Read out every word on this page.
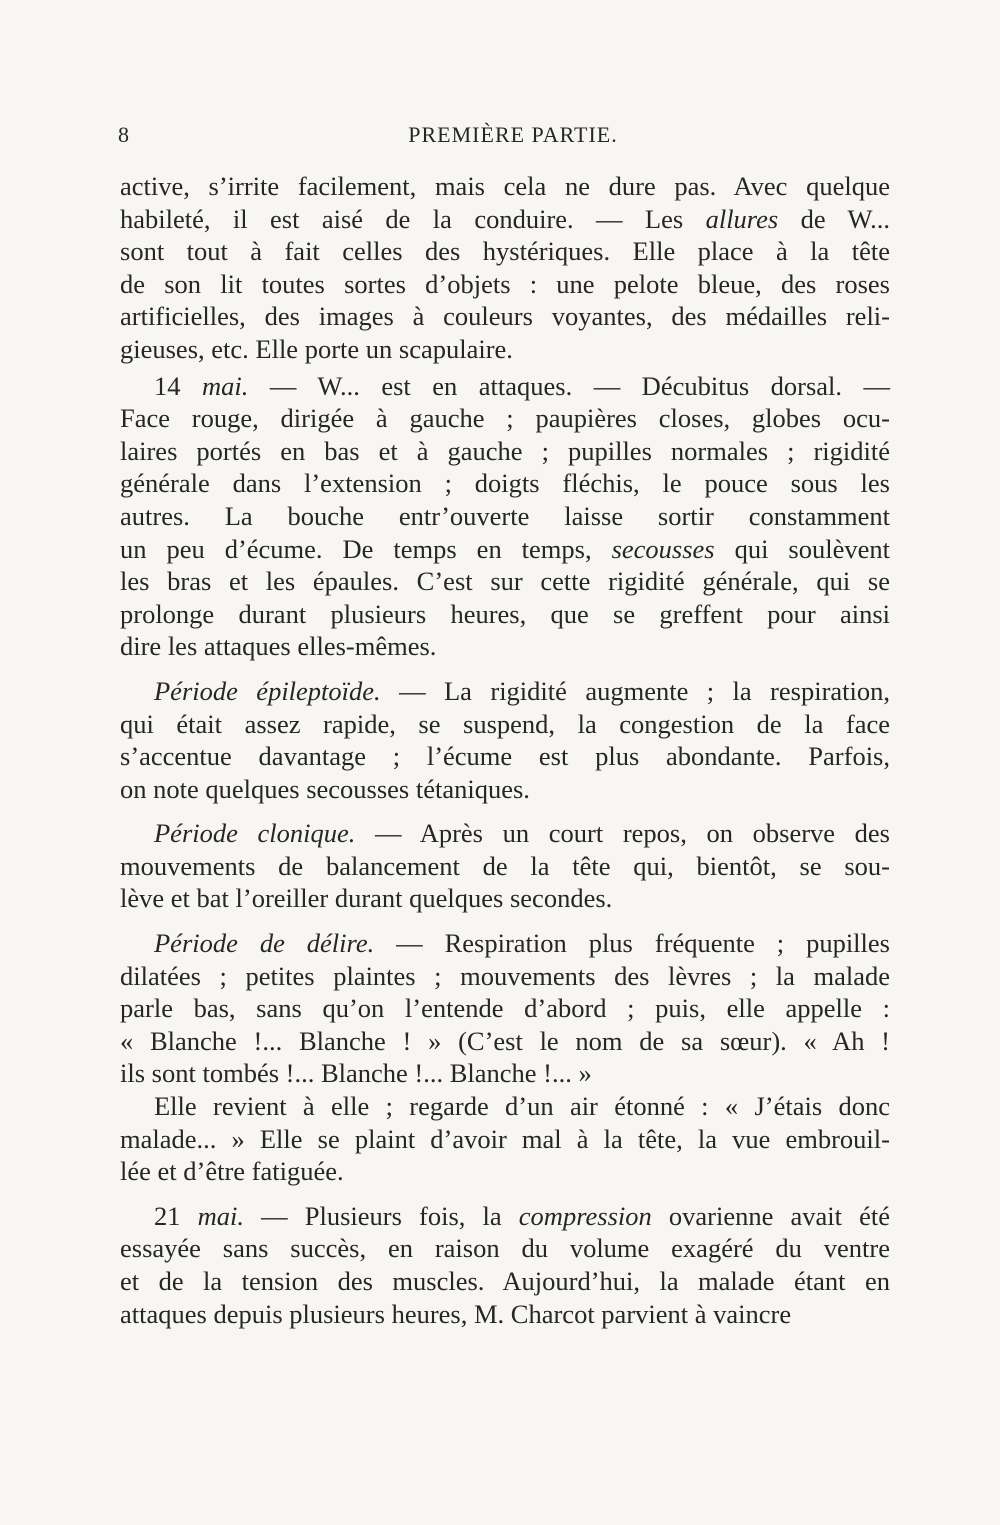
8	PREMIÈRE PARTIE.

active, s’irrite facilement, mais cela ne dure pas. Avec quelque
habileté, il est aisé de la conduire. — Les allures de W...
sont tout à fait celles des hystériques. Elle place à la tête
de son lit toutes sortes d’objets : une pelote bleue, des roses
artificielles, des images à couleurs voyantes, des médailles reli-
gieuses, etc. Elle porte un scapulaire.

14 mai. — W... est en attaques. — Décubitus dorsal. —
Face rouge, dirigée à gauche ; paupières closes, globes ocu-
laires portés en bas et à gauche ; pupilles normales ; rigidité
générale dans l’extension ; doigts fléchis, le pouce sous les
autres. La bouche entr’ouverte laisse sortir constamment
un peu d’écume. De temps en temps, secousses qui soulèvent
les bras et les épaules. C’est sur cette rigidité générale, qui se
prolonge durant plusieurs heures, que se greffent pour ainsi
dire les attaques elles-mêmes.

Période épileptoïde. — La rigidité augmente ; la respiration,
qui était assez rapide, se suspend, la congestion de la face
s’accentue davantage ; l’écume est plus abondante. Parfois,
on note quelques secousses tétaniques.

Période clonique. — Après un court repos, on observe des
mouvements de balancement de la tête qui, bientôt, se sou-
lève et bat l’oreiller durant quelques secondes.

Période de délire. — Respiration plus fréquente ; pupilles
dilatées ; petites plaintes ; mouvements des lèvres ; la malade
parle bas, sans qu’on l’entende d’abord ; puis, elle appelle :
« Blanche !... Blanche ! » (C’est le nom de sa sœur). « Ah !
ils sont tombés !... Blanche !... Blanche !... »

Elle revient à elle ; regarde d’un air étonné : « J’étais donc
malade... » Elle se plaint d’avoir mal à la tête, la vue embrouil-
lée et d’être fatiguée.

21 mai. — Plusieurs fois, la compression ovarienne avait été
essayée sans succès, en raison du volume exagéré du ventre
et de la tension des muscles. Aujourd’hui, la malade étant en
attaques depuis plusieurs heures, M. Charcot parvient à vaincre
